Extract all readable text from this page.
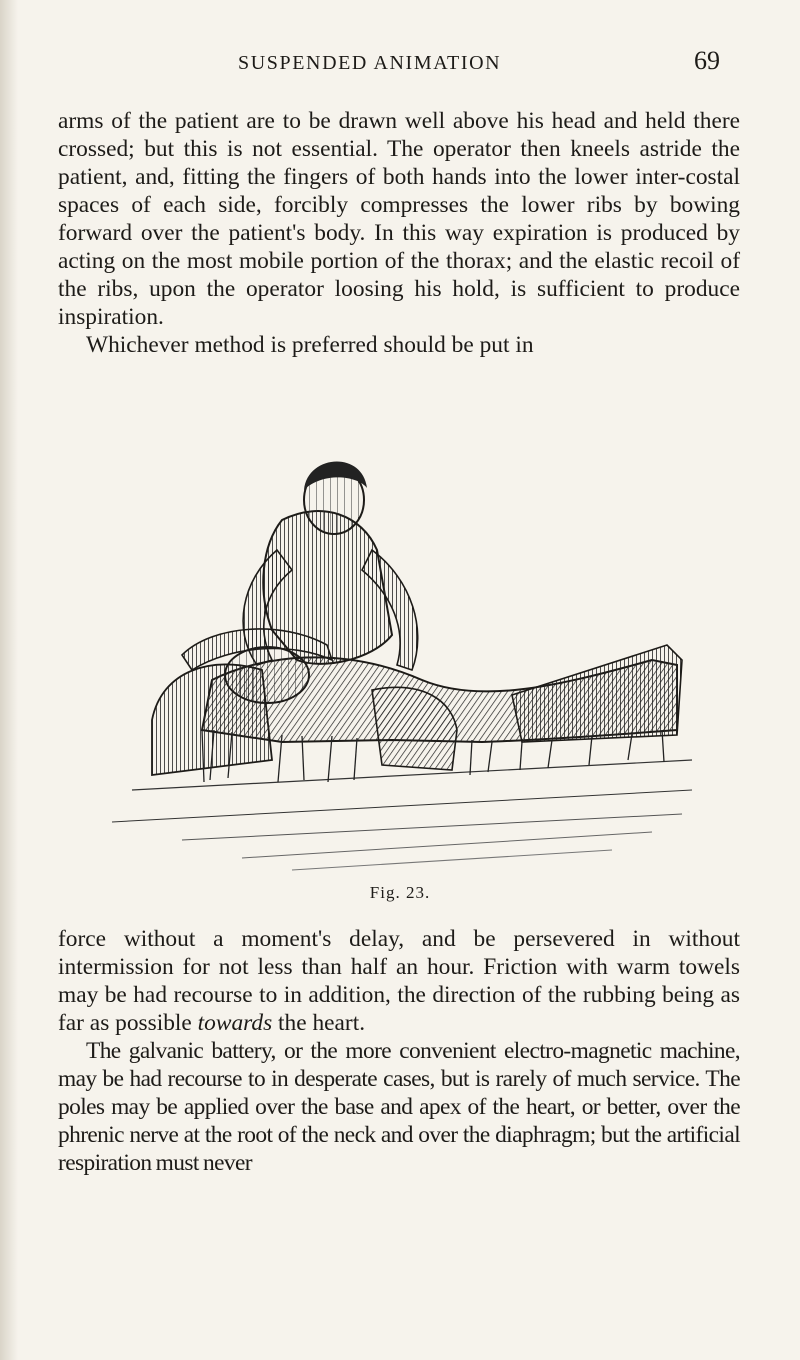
SUSPENDED ANIMATION	69

arms of the patient are to be drawn well above his head and held there crossed; but this is not essential. The operator then kneels astride the patient, and, fitting the fingers of both hands into the lower inter-costal spaces of each side, forcibly compresses the lower ribs by bowing forward over the patient's body. In this way expiration is produced by acting on the most mobile portion of the thorax; and the elastic recoil of the ribs, upon the operator loosing his hold, is sufficient to produce inspiration.

Whichever method is preferred should be put in

Fig. 23.

force without a moment's delay, and be persevered in without intermission for not less than half an hour. Friction with warm towels may be had recourse to in addition, the direction of the rubbing being as far as possible towards the heart.

The galvanic battery, or the more convenient electro-magnetic machine, may be had recourse to in desperate cases, but is rarely of much service. The poles may be applied over the base and apex of the heart, or better, over the phrenic nerve at the root of the neck and over the diaphragm; but the artificial respiration must never
